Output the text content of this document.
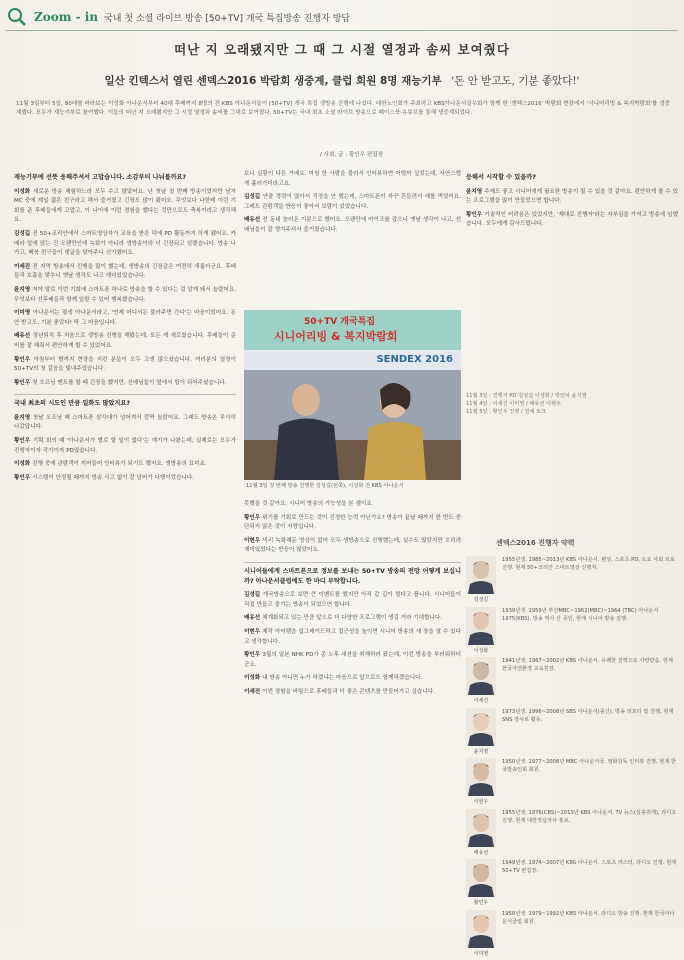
Zoom - in 국내 첫 소셜 라이브 방송 [50+TV] 개국 특집방송 진행자 방담
떠난 지 오래됐지만 그 때 그 시절 열정과 솜씨 보여줬다
일산 킨텍스서 열린 센덱스2016 박람회 생중계, 클럽 회원 8명 재능기부 '돈 안 받고도, 기분 좋았다!'
11월 3일부터 5일, 80대를 바라보는 이성화 아나운서부터 40대 후배까지 8명의 전 KBS 아나운서들이 [50+TV] 개국 특집 생방송 진행에 나섰다. 대한노인회가 주최하고 KBS아나운서실우회가 함께 한 '센덱스2016' 박람회 현장에서 '시니어리빙 & 복지박람회'를 생중계했다. 모두가 재능기부로 참여했다. 이들의 떠난 지 오래됐지만 그 시절 열정과 솜씨를 그대로 보여줬다. 50+TV는 국내 최초 소셜 라이브 방송으로 페이스북·유튜브를 통해 생중계되었다.
/ 사회, 글 : 황인우 편집장
재능기부에 선뜻 응해주셔서 고맙습니다. 소감부터 나눠볼까요?

이성화 새로운 방송 체험하느라 모두 수고 많았어요. 난 첫날 첫 번째 방송이었지만 남자 MC 중에 제일 젊은 친구라고 해서 즐거웠고 긴장도 많이 됐어요. 무엇보다 나한테 이런 기회를 준 후배들에게 고맙고, 이 나이에 이런 경험을 했다는 것만으로도 축복이라고 생각해요.

김성길 전 50+코리안에서 스마트영상자가 교육을 받은 덕에 PD 활동까지 하게 됐어요. 카메라 앞에 앉는 건 오랜만인데 녹화가 아니라 생방송이라 더 긴장되고 설렜습니다. 방송 나가고, 페북 친구들이 댓글을 달아주니 신기했어요.

이세진 전 지역 방송에서 진행을 많이 했는데, 생방송의 긴장감은 여전히 새롭더군요. 후배들과 호흡을 맞추니 옛날 생각도 나고 재미있었습니다.

윤지영 저야 말로 이번 기회에 스마트폰 하나로 방송을 할 수 있다는 걸 알게 돼서 놀랐어요. 무엇보다 선후배들과 함께 일할 수 있어 행복했습니다.

이미영 아나운서는 평생 아나운서라고, '언제 어디서든 불러주면 간다'는 마음이었어요. 돈 안 받고도, 기분 좋았다! 딱 그 마음입니다.

배유선 정년퇴직 후 처음으로 생방송 진행을 해봤는데, 모든 게 새로웠습니다. 후배들이 준비를 잘 해줘서 편안하게 할 수 있었어요.

황인우 아침부터 밤까지 현장을 지킨 분들이 모두 고생 많으셨습니다. 여러분의 열정이 50+TV의 첫 걸음을 빛내주었습니다.

황인우 첫 오프닝 멘트를 할 때 긴장을 했지만, 선배님들이 옆에서 힘이 되어주셨습니다.

국내 최초의 시도인 만큼 일화도 많았지요?

윤지영 첫날 오프닝 때 스마트폰 삼각대가 넘어져서 깜짝 놀랐어요. 그래도 방송은 무사히 나갔답니다.

황인우 기획 회의 때 '아나운서가 별로 할 일이 없다'는 얘기가 나왔는데, 실제로는 모두가 진행자이자 작가이자 PD였습니다.

이성화 진행 중에 관람객이 끼어들어 인터뷰가 되기도 했지요. 생방송의 묘미죠.

황인우 시스템이 안정될 때까지 방송 사고 없이 잘 넘어가 다행이었습니다.

보니 실황이 다른 거예요. 마침 한 사람을 불러서 인터뷰하면 어떨까 싶었는데, 자연스럽게 흘러가더라고요.

김성길 연출 경력이 많아서 걱정을 안 했는데, 스마트폰이 자꾸 흔들려서 애를 먹었어요. 그래도 관람객들 반응이 좋아서 보람이 있었습니다.

배유선 전 동네 놀러온 기분으로 했어요. 오랜만에 마이크를 잡으니 옛날 생각이 나고, 선배님들이 잘 챙겨주셔서 즐거웠습니다.

50+TV 개국특집
시니어리빙 & 복지박람회
SENDEX 2016
11월 3일 첫 번째 방송 진행한 김성길(왼쪽), 이성화 전 KBS 아나운서

못했을 것 같아요. 시니어 방송의 가능성을 본 셈이죠.

황인우 위기를 기회로 만드는 것이 진정한 능력 아닌가요? 방송이 끝날 때까지 한 번도 중단되지 않은 것이 자랑입니다.

이현우 미리 녹화해둔 영상이 없어 모두 생방송으로 진행했는데, 실수도 많았지만 오히려 재미있었다는 반응이 많았어요.

시니어들에게 스마트폰으로 정보를 보내는 50+TV 방송의 전망 어떻게 보십니까? 아나운서클럽에도 한 마디 부탁합니다.

김성길 개국방송으로 보면 큰 이벤트를 했지만 아직 갈 길이 멀다고 봅니다. 시니어들이 직접 만들고 즐기는 방송이 되었으면 합니다.

배유선 체계화되고 있는 만큼 앞으로 더 다양한 프로그램이 생길 거라 기대합니다.

이현우 제작 아이템을 업그레이드하고 접근성을 높이면 시니어 방송의 새 장을 열 수 있다고 생각합니다.

황인우 3월의 일본 NHK PD가 총 노후 세션을 취재하러 왔는데, 이런 방송을 부러워하더군요.

이성화 내 방송 아니면 누가 하겠냐는 마음으로 앞으로도 함께하겠습니다.

이세진 이번 경험을 바탕으로 후배들과 더 좋은 콘텐츠를 만들어가고 싶습니다.

등해서 시작할 수 있을까?

윤지영 주제도 좋고 시니어에게 필요한 방송이 될 수 있을 것 같아요. 편안하게 볼 수 있는 프로그램을 많이 만들었으면 합니다.

황인우 기술적인 어려움은 있었지만, '제대로 진행자'라는 자부심을 가지고 방송에 임했습니다. 모두에게 감사드립니다.

11월 3일 : 진행자 PD 김성길 이성화 / 박인덕 윤지영
11월 4일 : 이세진 이미영 / 배유선 이현우
11월 5일 : 황인우 진행 / 전체 토크
센덱스2016 진행자 약력
김성길
1955년생. 1985~2013년 KBS 아나운서. 편성, 스포츠 PD, 토요 사회 프로 진행. 현재 50+코리안 스마트영상 진행자.
이성화
1939년생. 1959년 부산MBC~1962(MBC)~1964 (TBC) 아나운서 1975(KBS). 방송 역사 산 증인, 현재 시니어 방송 진행.
이세진
1941년생. 1967~2002년 KBS 아나운서. 유쾌한 진행으로 사랑받음. 현재 한국자연환경 교육원장.
윤지영
1973년생. 1996~2008년 SBS 아나운서(출신). 방송 리포터 및 진행, 현재 SNS 강사로 활동.
이현우
1950년생. 1977~2008년 MBC 아나운서국. 영화감독 인터뷰 진행. 현재 한국방송인회 회원.
배유선
1955년생. 1976(CBS)~2013년 KBS 아나운서. TV 뉴스(심층취재), 라디오 진행. 현재 대한적십자사 홍보.
황인우
1949년생. 1974~2007년 KBS 아나운서. 스포츠 캐스터, 라디오 진행. 현재 50+TV 편집장.
이미영
1958년생. 1979~1992년 KBS 아나운서. 라디오 방송 진행. 현재 한국아나운서클럽 회원.
